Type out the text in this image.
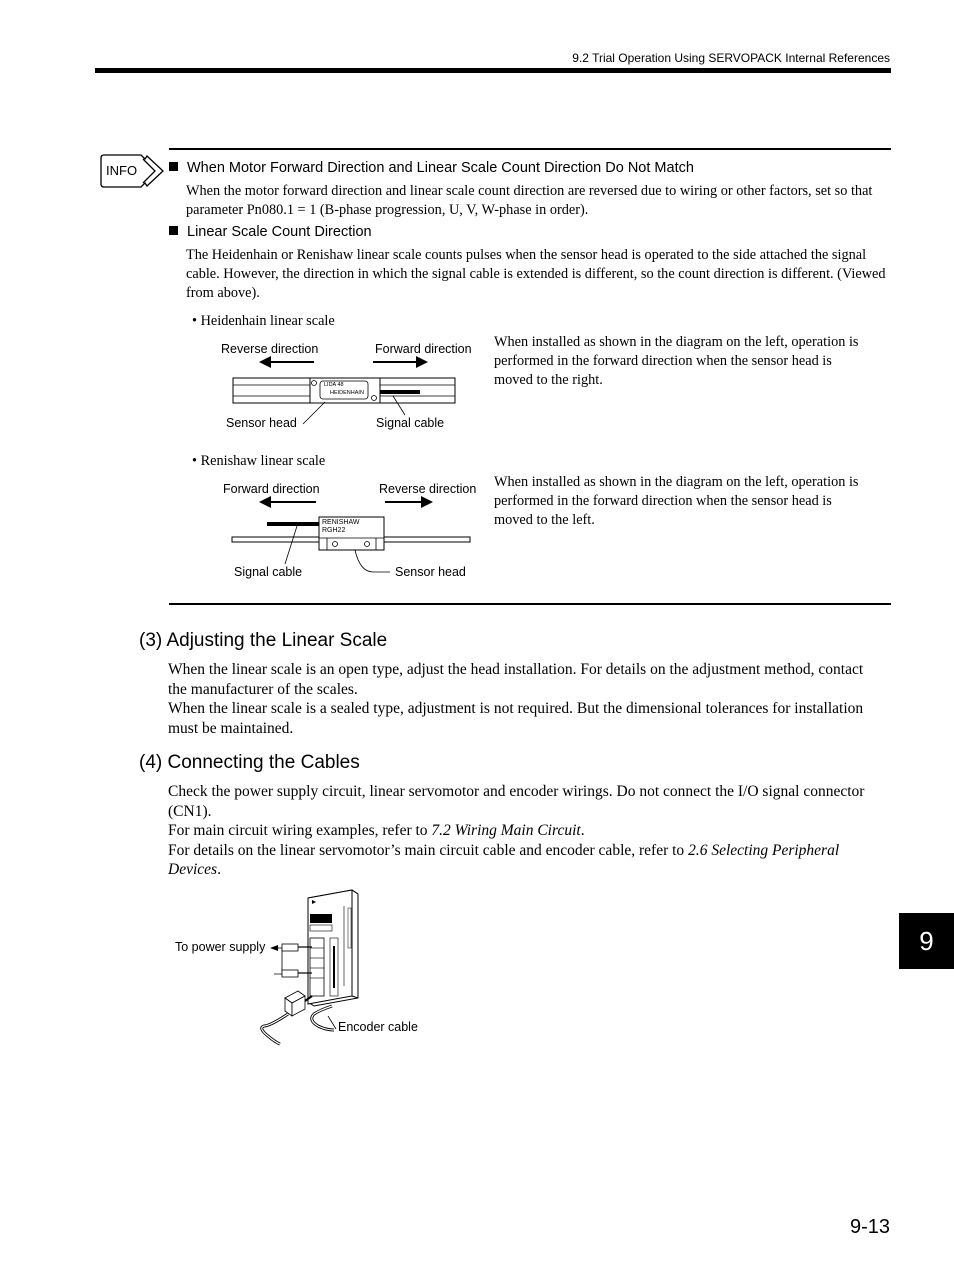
9.2 Trial Operation Using SERVOPACK Internal References
INFO	When Motor Forward Direction and Linear Scale Count Direction Do Not Match
When the motor forward direction and linear scale count direction are reversed due to wiring or other factors, set so that
parameter Pn080.1 = 1 (B-phase progression, U, V, W-phase in order).
Linear Scale Count Direction
The Heidenhain or Renishaw linear scale counts pulses when the sensor head is operated to the side attached the signal
cable. However, the direction in which the signal cable is extended is different, so the count direction is different. (Viewed
from above).
• Heidenhain linear scale
Reverse direction	Forward direction
LIDA 48
HEIDENHAIN
Sensor head	Signal cable
When installed as shown in the diagram on the left, operation is
performed in the forward direction when the sensor head is
moved to the right.
• Renishaw linear scale
Forward direction	Reverse direction
RENISHAW
RGH22
Signal cable	Sensor head
When installed as shown in the diagram on the left, operation is
performed in the forward direction when the sensor head is
moved to the left.
(3) Adjusting the Linear Scale
When the linear scale is an open type, adjust the head installation. For details on the adjustment method, contact
the manufacturer of the scales.
When the linear scale is a sealed type, adjustment is not required. But the dimensional tolerances for installation
must be maintained.
(4) Connecting the Cables
Check the power supply circuit, linear servomotor and encoder wirings. Do not connect the I/O signal connector
(CN1).
For main circuit wiring examples, refer to 7.2 Wiring Main Circuit.
For details on the linear servomotor’s main circuit cable and encoder cable, refer to 2.6 Selecting Peripheral
Devices.
To power supply
Encoder cable
9
9-13
